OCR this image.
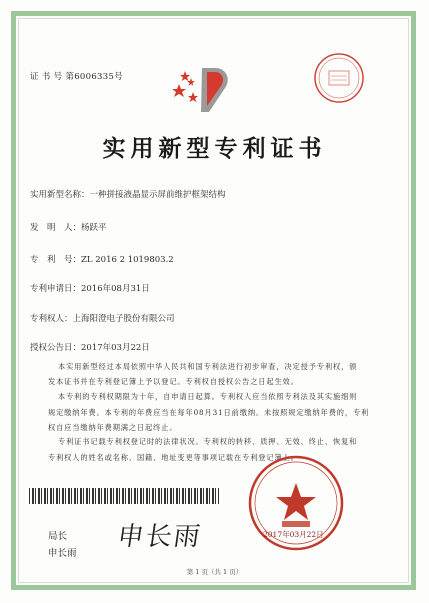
证 书 号 第6006335号
实用新型专利证书
实用新型名称：一种拼接液晶显示屏前维护框架结构
发　明　人：杨跃平
专　利　号：ZL 2016 2 1019803.2
专利申请日：2016年08月31日
专利权人：上海阳澄电子股份有限公司
授权公告日：2017年03月22日
本实用新型经过本局依照中华人民共和国专利法进行初步审查，决定授予专利权，颁
发本证书并在专利登记簿上予以登记。专利权自授权公告之日起生效。
本专利的专利权期限为十年，自申请日起算。专利权人应当依照专利法及其实施细则
规定缴纳年费。本专利的年费应当在每年08月31日前缴纳。未按照规定缴纳年费的，专利
权自应当缴纳年费期满之日起终止。
专利证书记载专利权登记时的法律状况。专利权的转移、质押、无效、终止、恢复和
专利权人的姓名或名称、国籍、地址变更等事项记载在专利登记簿上。
局长
申长雨
申长雨	2017年03月22日
第 1 页（共 1 页）
